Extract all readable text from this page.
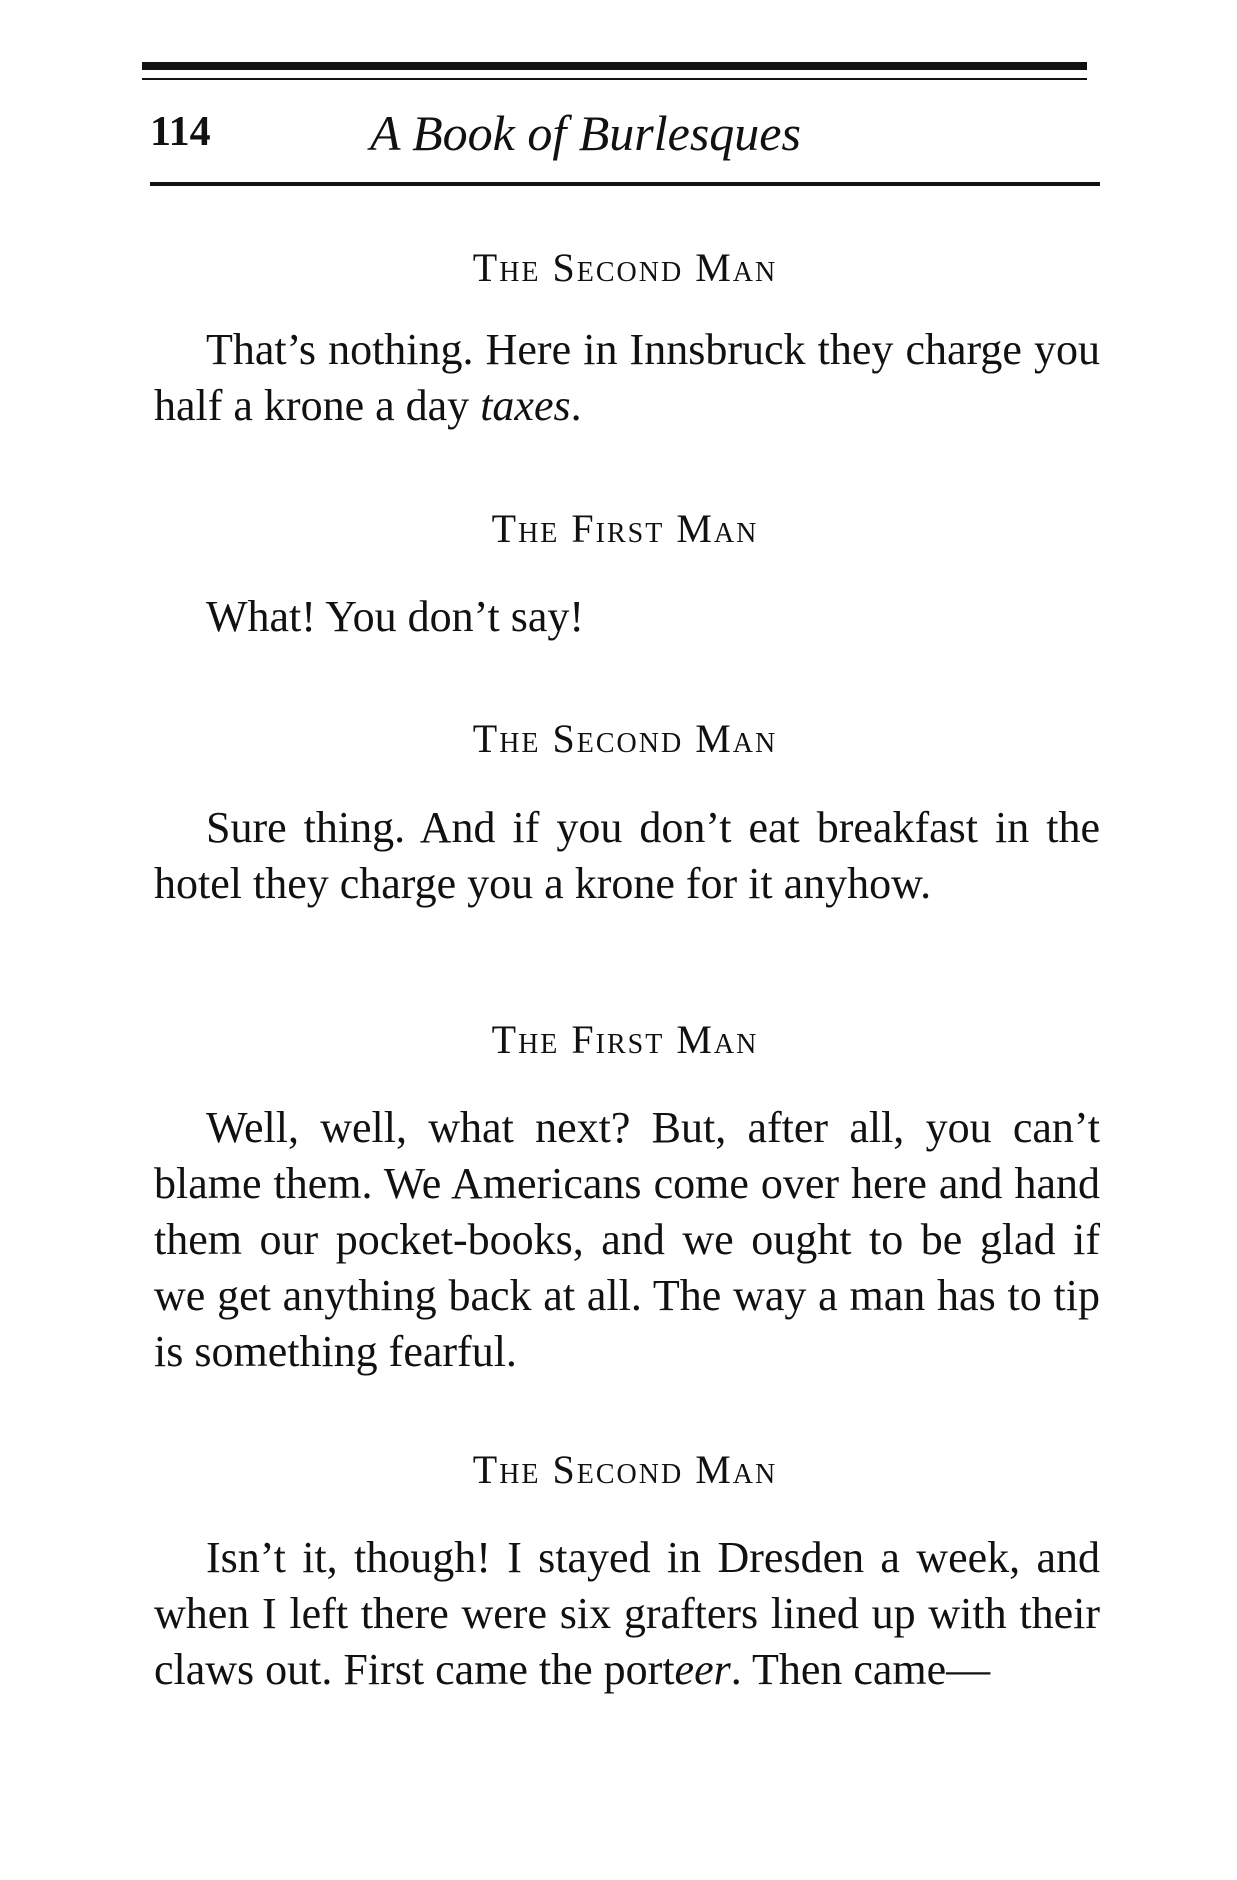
114	A Book of Burlesques
The Second Man

That’s nothing. Here in Innsbruck they charge you half a krone a day taxes.

The First Man

What! You don’t say!

The Second Man

Sure thing. And if you don’t eat breakfast in the hotel they charge you a krone for it anyhow.

The First Man

Well, well, what next? But, after all, you can’t blame them. We Americans come over here and hand them our pocket-books, and we ought to be glad if we get anything back at all. The way a man has to tip is something fearful.

The Second Man

Isn’t it, though! I stayed in Dresden a week, and when I left there were six grafters lined up with their claws out. First came the porteer. Then came—
